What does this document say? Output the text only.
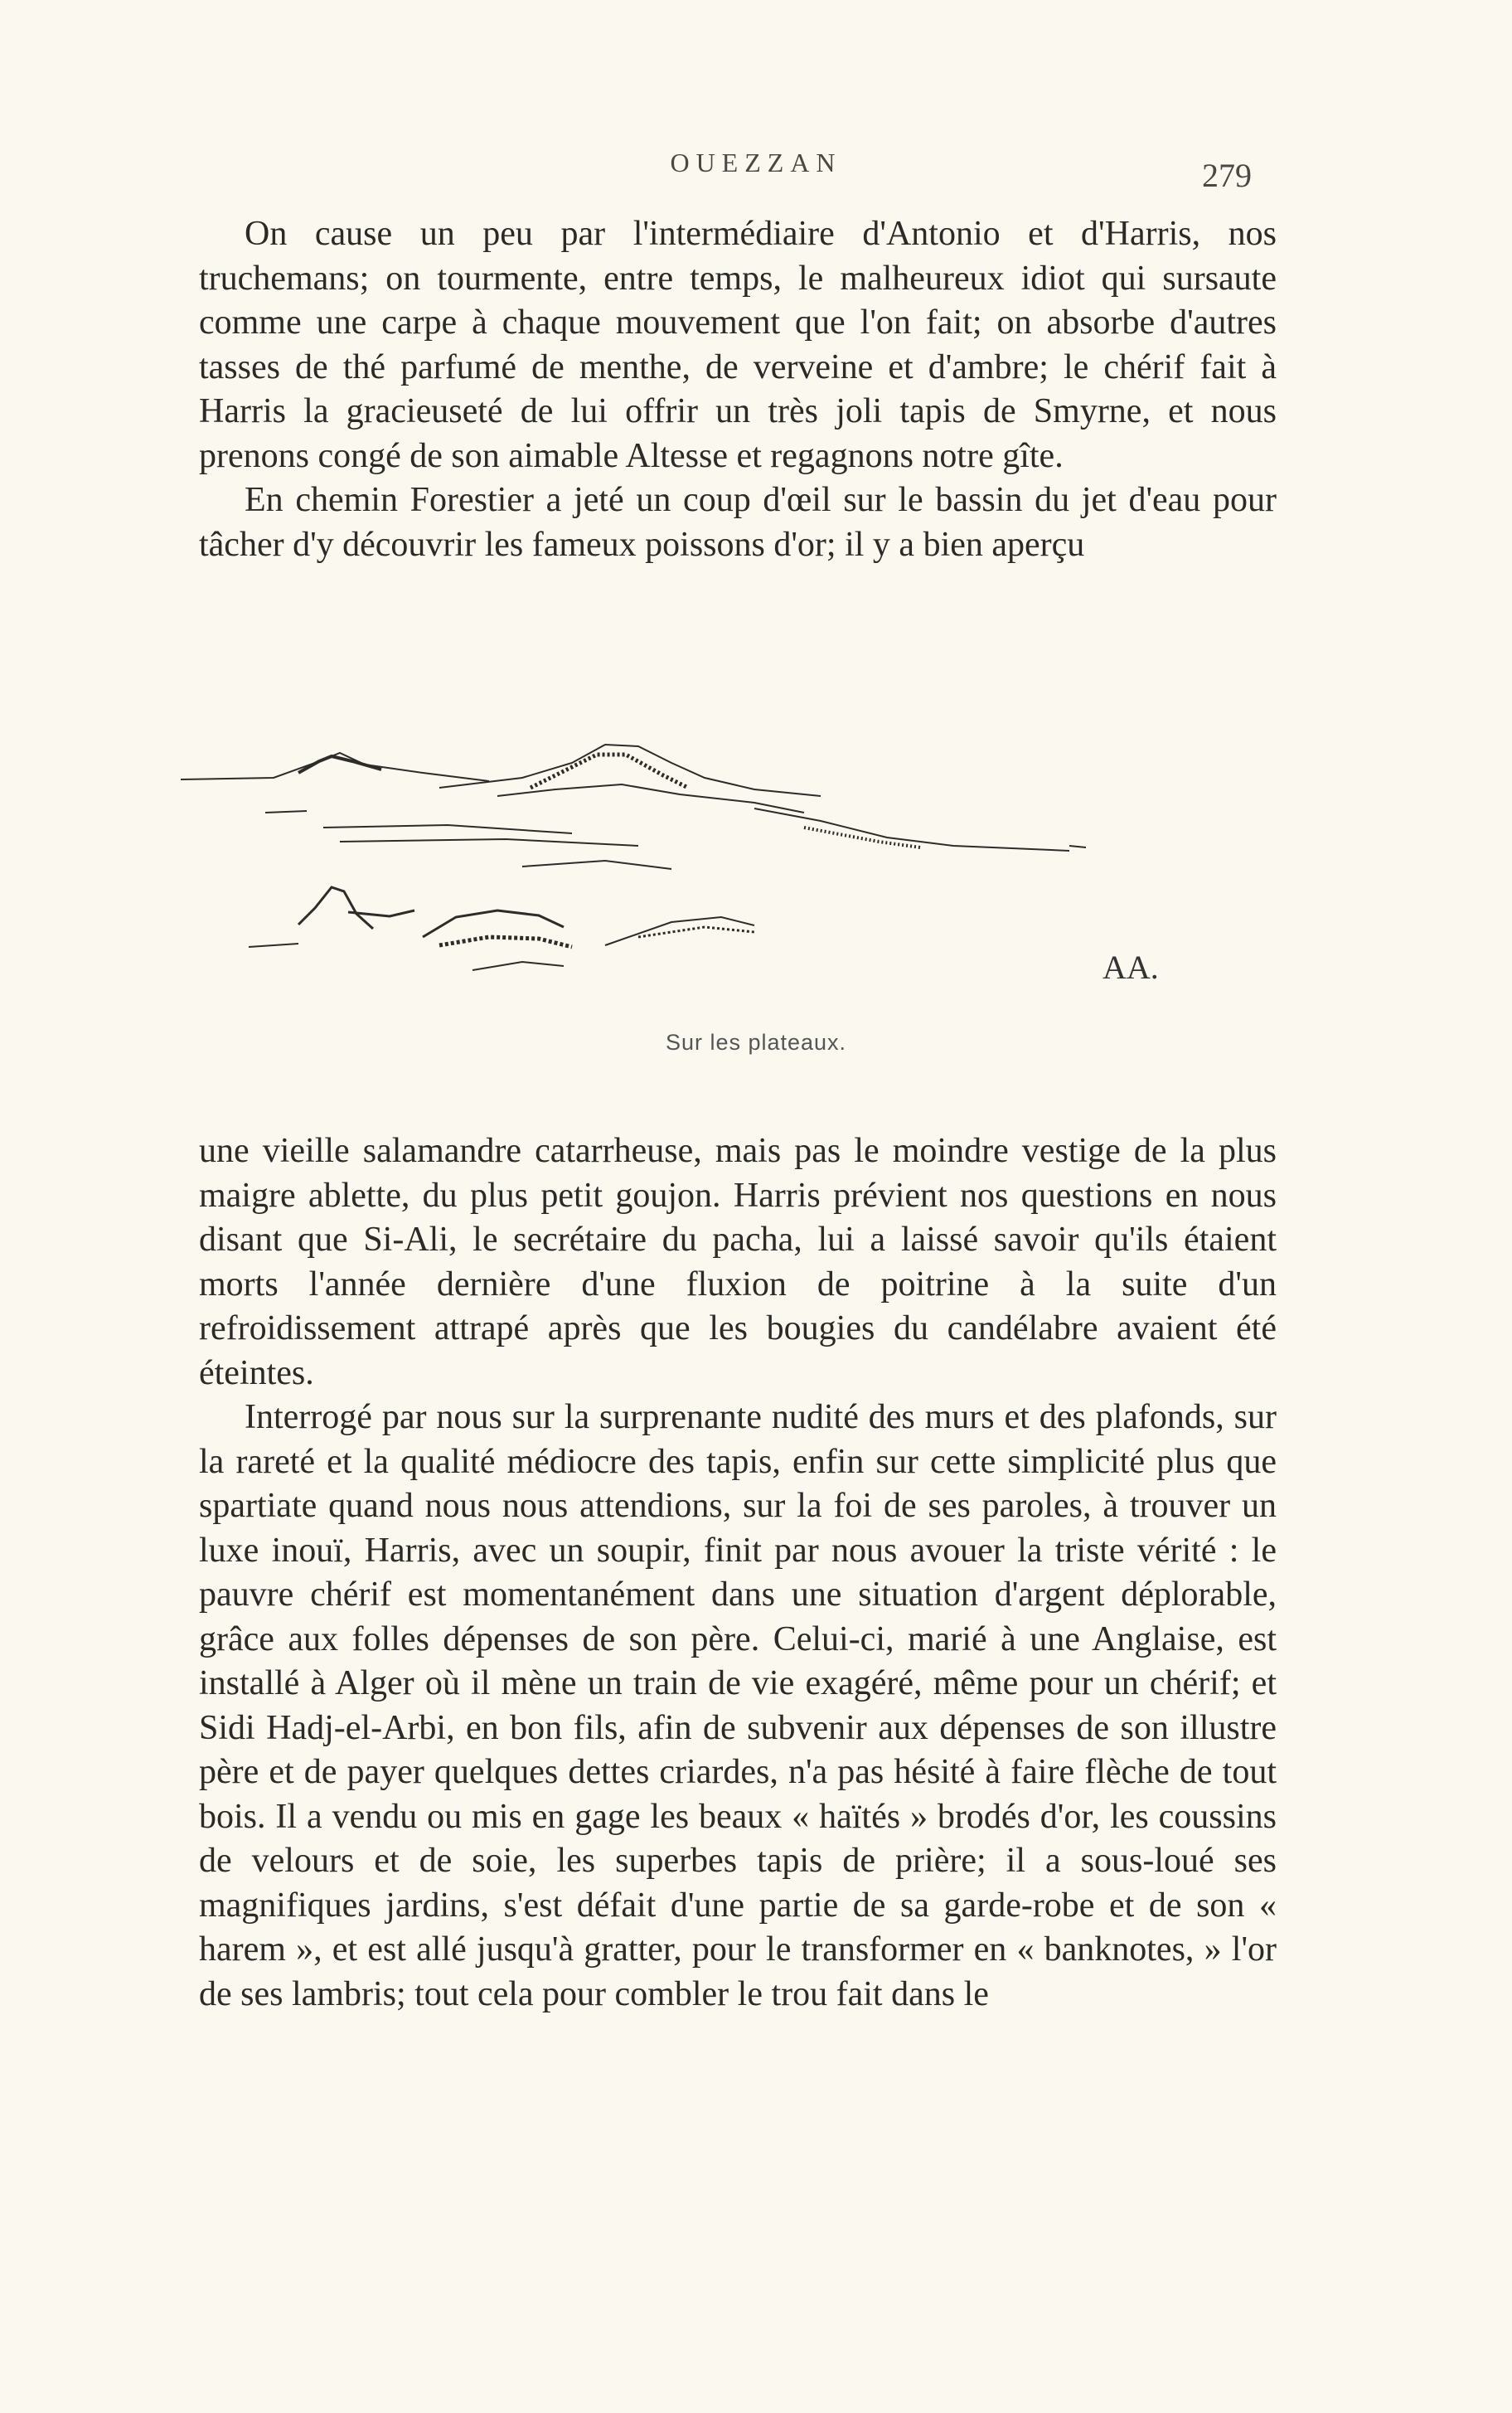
OUEZZAN	279

On cause un peu par l'intermédiaire d'Antonio et d'Harris, nos truchemans; on tourmente, entre temps, le malheureux idiot qui sursaute comme une carpe à chaque mouvement que l'on fait; on absorbe d'autres tasses de thé parfumé de menthe, de verveine et d'ambre; le chérif fait à Harris la gracieuseté de lui offrir un très joli tapis de Smyrne, et nous prenons congé de son aimable Altesse et regagnons notre gîte.

En chemin Forestier a jeté un coup d'œil sur le bassin du jet d'eau pour tâcher d'y découvrir les fameux poissons d'or; il y a bien aperçu

AA.
Sur les plateaux.

une vieille salamandre catarrheuse, mais pas le moindre vestige de la plus maigre ablette, du plus petit goujon. Harris prévient nos questions en nous disant que Si-Ali, le secrétaire du pacha, lui a laissé savoir qu'ils étaient morts l'année dernière d'une fluxion de poitrine à la suite d'un refroidissement attrapé après que les bougies du candélabre avaient été éteintes.

Interrogé par nous sur la surprenante nudité des murs et des plafonds, sur la rareté et la qualité médiocre des tapis, enfin sur cette simplicité plus que spartiate quand nous nous attendions, sur la foi de ses paroles, à trouver un luxe inouï, Harris, avec un soupir, finit par nous avouer la triste vérité : le pauvre chérif est momentanément dans une situation d'argent déplorable, grâce aux folles dépenses de son père. Celui-ci, marié à une Anglaise, est installé à Alger où il mène un train de vie exagéré, même pour un chérif; et Sidi Hadj-el-Arbi, en bon fils, afin de subvenir aux dépenses de son illustre père et de payer quelques dettes criardes, n'a pas hésité à faire flèche de tout bois. Il a vendu ou mis en gage les beaux « haïtés » brodés d'or, les coussins de velours et de soie, les superbes tapis de prière; il a sous-loué ses magnifiques jardins, s'est défait d'une partie de sa garde-robe et de son « harem », et est allé jusqu'à gratter, pour le transformer en « banknotes, » l'or de ses lambris; tout cela pour combler le trou fait dans le
